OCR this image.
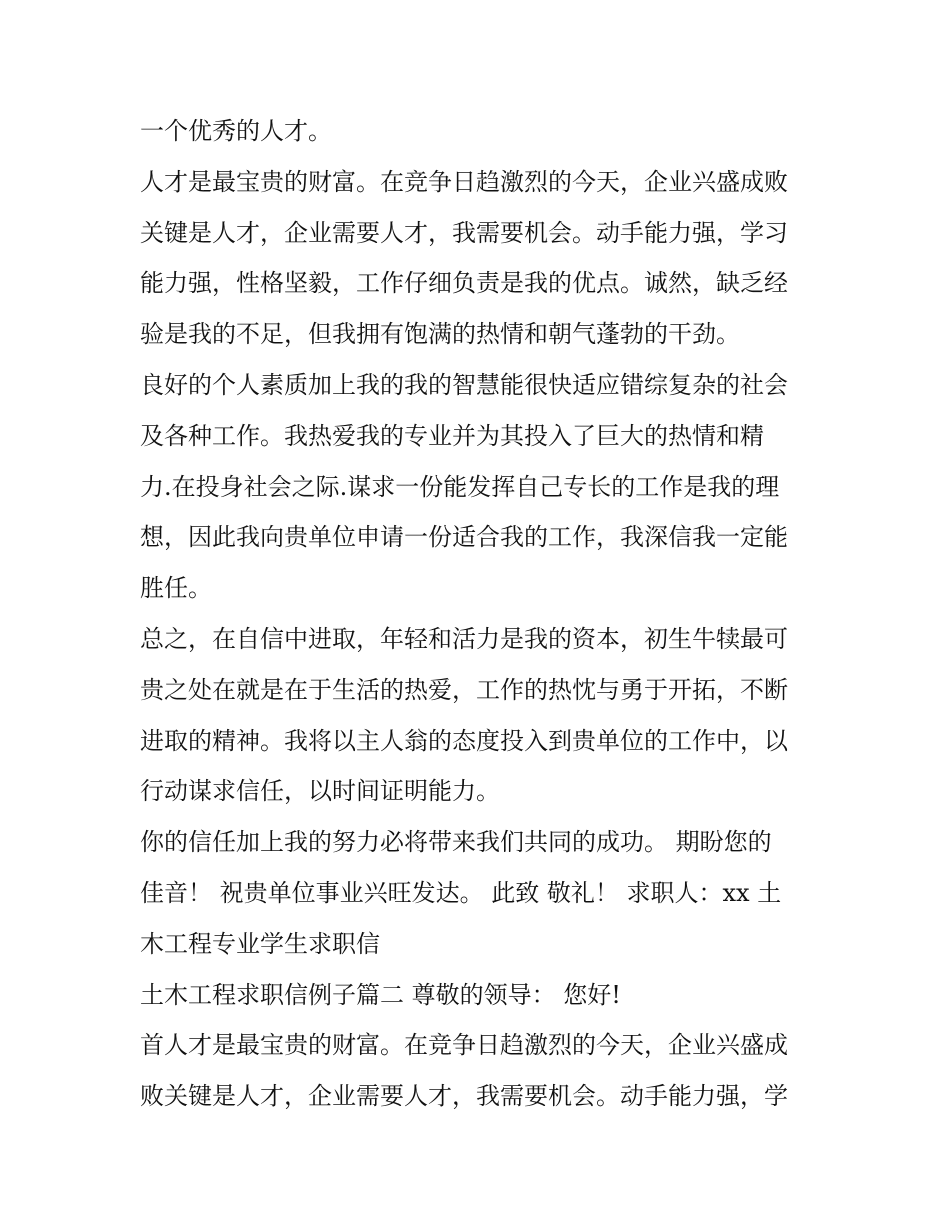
一个优秀的人才。
人才是最宝贵的财富。在竞争日趋激烈的今天，企业兴盛成败
关键是人才，企业需要人才，我需要机会。动手能力强，学习
能力强，性格坚毅，工作仔细负责是我的优点。诚然，缺乏经
验是我的不足，但我拥有饱满的热情和朝气蓬勃的干劲。
良好的个人素质加上我的我的智慧能很快适应错综复杂的社会
及各种工作。我热爱我的专业并为其投入了巨大的热情和精
力.在投身社会之际.谋求一份能发挥自己专长的工作是我的理
想，因此我向贵单位申请一份适合我的工作，我深信我一定能
胜任。
总之，在自信中进取，年轻和活力是我的资本，初生牛犊最可
贵之处在就是在于生活的热爱，工作的热忱与勇于开拓，不断
进取的精神。我将以主人翁的态度投入到贵单位的工作中，以
行动谋求信任，以时间证明能力。
你的信任加上我的努力必将带来我们共同的成功。 期盼您的
佳音！ 祝贵单位事业兴旺发达。 此致 敬礼！ 求职人：xx 土
木工程专业学生求职信
土木工程求职信例子篇二 尊敬的领导： 您好!
首人才是最宝贵的财富。在竞争日趋激烈的今天，企业兴盛成
败关键是人才，企业需要人才，我需要机会。动手能力强，学
